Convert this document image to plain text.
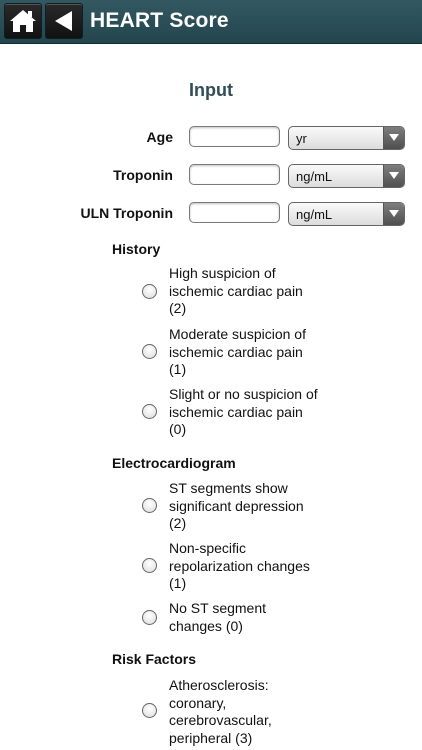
HEART Score
Input
Age	yr
Troponin	ng/mL
ULN Troponin	ng/mL
History
High suspicion of ischemic cardiac pain (2)
Moderate suspicion of ischemic cardiac pain (1)
Slight or no suspicion of ischemic cardiac pain (0)
Electrocardiogram
ST segments show significant depression (2)
Non-specific repolarization changes (1)
No ST segment changes (0)
Risk Factors
Atherosclerosis: coronary, cerebrovascular, peripheral (3)
